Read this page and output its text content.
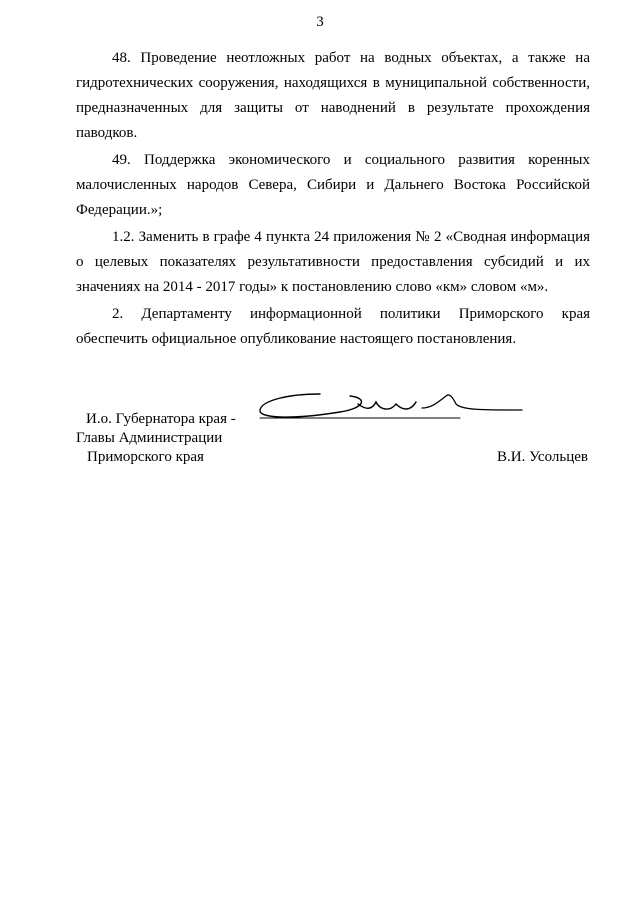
3

48. Проведение неотложных работ на водных объектах, а также на гидротехнических сооружения, находящихся в муниципальной собственности, предназначенных для защиты от наводнений в результате прохождения паводков.

49. Поддержка экономического и социального развития коренных малочисленных народов Севера, Сибири и Дальнего Востока Российской Федерации.»;

1.2. Заменить в графе 4 пункта 24 приложения № 2 «Сводная информация о целевых показателях результативности предоставления субсидий и их значениях на 2014 - 2017 годы» к постановлению слово «км» словом «м».

2. Департаменту информационной политики Приморского края обеспечить официальное опубликование настоящего постановления.

И.о. Губернатора края -
Главы Администрации
Приморского края	В.И. Усольцев
